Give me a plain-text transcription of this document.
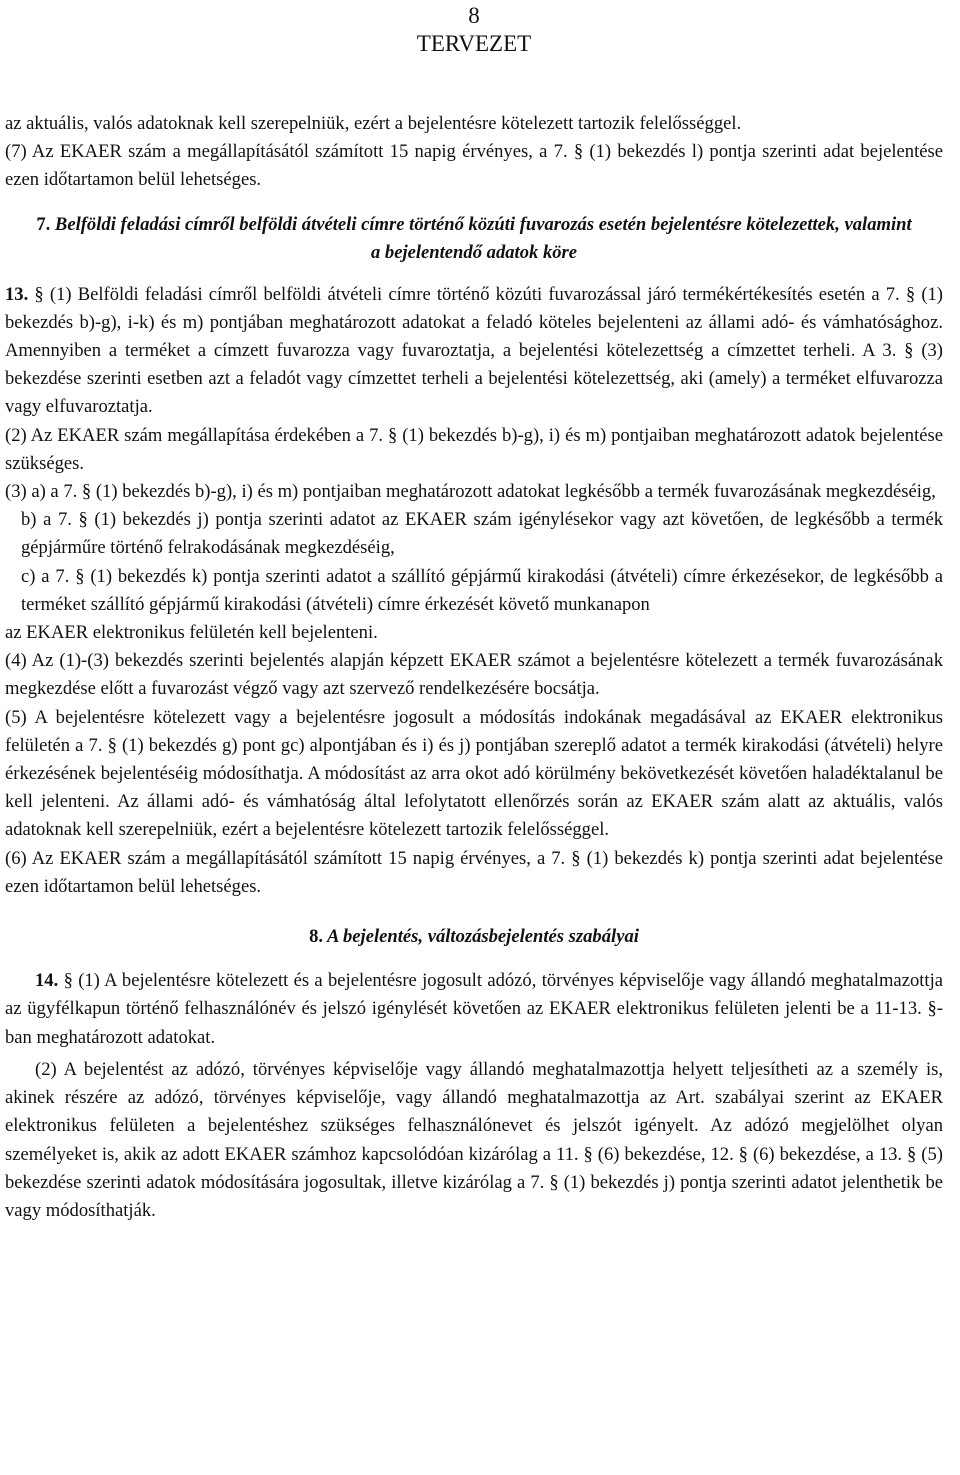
8
TERVEZET

az aktuális, valós adatoknak kell szerepelniük, ezért a bejelentésre kötelezett tartozik felelősséggel.

(7) Az EKAER szám a megállapításától számított 15 napig érvényes, a 7. § (1) bekezdés l) pontja szerinti adat bejelentése ezen időtartamon belül lehetséges.

7. Belföldi feladási címről belföldi átvételi címre történő közúti fuvarozás esetén bejelentésre kötelezettek, valamint a bejelentendő adatok köre

13. § (1) Belföldi feladási címről belföldi átvételi címre történő közúti fuvarozással járó termékértékesítés esetén a 7. § (1) bekezdés b)-g), i-k) és m) pontjában meghatározott adatokat a feladó köteles bejelenteni az állami adó- és vámhatósághoz. Amennyiben a terméket a címzett fuvarozza vagy fuvaroztatja, a bejelentési kötelezettség a címzettet terheli. A 3. § (3) bekezdése szerinti esetben azt a feladót vagy címzettet terheli a bejelentési kötelezettség, aki (amely) a terméket elfuvarozza vagy elfuvaroztatja.

(2) Az EKAER szám megállapítása érdekében a 7. § (1) bekezdés b)-g), i) és m) pontjaiban meghatározott adatok bejelentése szükséges.

(3) a) a 7. § (1) bekezdés b)-g), i) és m) pontjaiban meghatározott adatokat legkésőbb a termék fuvarozásának megkezdéséig,

b) a 7. § (1) bekezdés j) pontja szerinti adatot az EKAER szám igénylésekor vagy azt követően, de legkésőbb a termék gépjárműre történő felrakodásának megkezdéséig,

c) a 7. § (1) bekezdés k) pontja szerinti adatot a szállító gépjármű kirakodási (átvételi) címre érkezésekor, de legkésőbb a terméket szállító gépjármű kirakodási (átvételi) címre érkezését követő munkanapon

az EKAER elektronikus felületén kell bejelenteni.

(4) Az (1)-(3) bekezdés szerinti bejelentés alapján képzett EKAER számot a bejelentésre kötelezett a termék fuvarozásának megkezdése előtt a fuvarozást végző vagy azt szervező rendelkezésére bocsátja.

(5) A bejelentésre kötelezett vagy a bejelentésre jogosult a módosítás indokának megadásával az EKAER elektronikus felületén a 7. § (1) bekezdés g) pont gc) alpontjában és i) és j) pontjában szereplő adatot a termék kirakodási (átvételi) helyre érkezésének bejelentéséig módosíthatja. A módosítást az arra okot adó körülmény bekövetkezését követően haladéktalanul be kell jelenteni. Az állami adó- és vámhatóság által lefolytatott ellenőrzés során az EKAER szám alatt az aktuális, valós adatoknak kell szerepelniük, ezért a bejelentésre kötelezett tartozik felelősséggel.

(6) Az EKAER szám a megállapításától számított 15 napig érvényes, a 7. § (1) bekezdés k) pontja szerinti adat bejelentése ezen időtartamon belül lehetséges.

8. A bejelentés, változásbejelentés szabályai

14. § (1) A bejelentésre kötelezett és a bejelentésre jogosult adózó, törvényes képviselője vagy állandó meghatalmazottja az ügyfélkapun történő felhasználónév és jelszó igénylését követően az EKAER elektronikus felületen jelenti be a 11-13. §-ban meghatározott adatokat.

(2) A bejelentést az adózó, törvényes képviselője vagy állandó meghatalmazottja helyett teljesítheti az a személy is, akinek részére az adózó, törvényes képviselője, vagy állandó meghatalmazottja az Art. szabályai szerint az EKAER elektronikus felületen a bejelentéshez szükséges felhasználónevet és jelszót igényelt. Az adózó megjelölhet olyan személyeket is, akik az adott EKAER számhoz kapcsolódóan kizárólag a 11. § (6) bekezdése, 12. § (6) bekezdése, a 13. § (5) bekezdése szerinti adatok módosítására jogosultak, illetve kizárólag a 7. § (1) bekezdés j) pontja szerinti adatot jelenthetik be vagy módosíthatják.
